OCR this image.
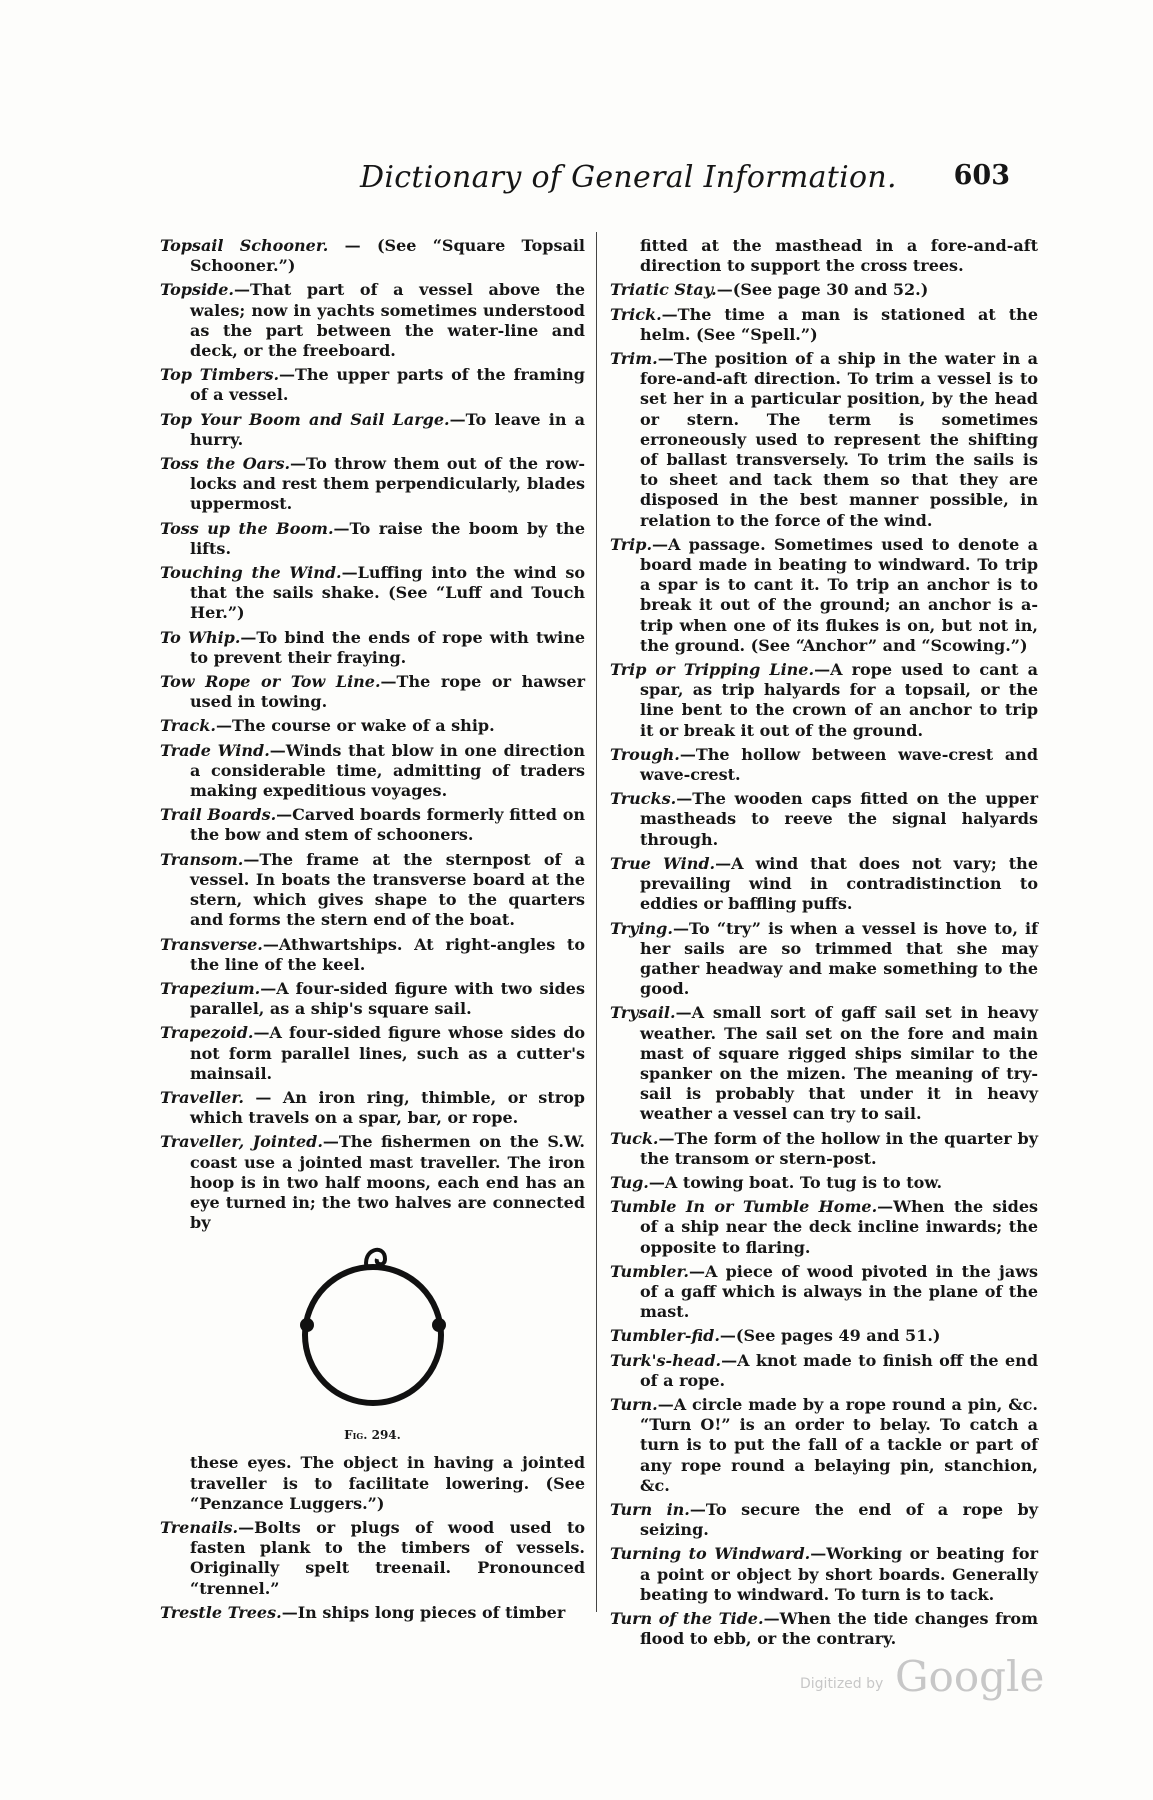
Dictionary of General Information. 603

Topsail Schooner. — (See “Square Topsail Schooner.”)

Topside.—That part of a vessel above the wales; now in yachts sometimes understood as the part between the water-line and deck, or the freeboard.

Top Timbers.—The upper parts of the framing of a vessel.

Top Your Boom and Sail Large.—To leave in a hurry.

Toss the Oars.—To throw them out of the row-locks and rest them perpendicularly, blades uppermost.

Toss up the Boom.—To raise the boom by the lifts.

Touching the Wind.—Luffing into the wind so that the sails shake. (See “Luff and Touch Her.”)

To Whip.—To bind the ends of rope with twine to prevent their fraying.

Tow Rope or Tow Line.—The rope or hawser used in towing.

Track.—The course or wake of a ship.

Trade Wind.—Winds that blow in one direction a considerable time, admitting of traders making expeditious voyages.

Trail Boards.—Carved boards formerly fitted on the bow and stem of schooners.

Transom.—The frame at the sternpost of a vessel. In boats the transverse board at the stern, which gives shape to the quarters and forms the stern end of the boat.

Transverse.—Athwartships. At right-angles to the line of the keel.

Trapezium.—A four-sided figure with two sides parallel, as a ship's square sail.

Trapezoid.—A four-sided figure whose sides do not form parallel lines, such as a cutter's mainsail.

Traveller. — An iron ring, thimble, or strop which travels on a spar, bar, or rope.

Traveller, Jointed.—The fishermen on the S.W. coast use a jointed mast traveller. The iron hoop is in two half moons, each end has an eye turned in; the two halves are connected by

Fig. 294.
these eyes. The object in having a jointed traveller is to facilitate lowering. (See “Penzance Luggers.”)

Trenails.—Bolts or plugs of wood used to fasten plank to the timbers of vessels. Originally spelt treenail. Pronounced “trennel.”

Trestle Trees.—In ships long pieces of timber

fitted at the masthead in a fore-and-aft direction to support the cross trees.

Triatic Stay.—(See page 30 and 52.)

Trick.—The time a man is stationed at the helm. (See “Spell.”)

Trim.—The position of a ship in the water in a fore-and-aft direction. To trim a vessel is to set her in a particular position, by the head or stern. The term is sometimes erroneously used to represent the shifting of ballast transversely. To trim the sails is to sheet and tack them so that they are disposed in the best manner possible, in relation to the force of the wind.

Trip.—A passage. Sometimes used to denote a board made in beating to windward. To trip a spar is to cant it. To trip an anchor is to break it out of the ground; an anchor is a-trip when one of its flukes is on, but not in, the ground. (See “Anchor” and “Scowing.”)

Trip or Tripping Line.—A rope used to cant a spar, as trip halyards for a topsail, or the line bent to the crown of an anchor to trip it or break it out of the ground.

Trough.—The hollow between wave-crest and wave-crest.

Trucks.—The wooden caps fitted on the upper mastheads to reeve the signal halyards through.

True Wind.—A wind that does not vary; the prevailing wind in contradistinction to eddies or baffling puffs.

Trying.—To “try” is when a vessel is hove to, if her sails are so trimmed that she may gather headway and make something to the good.

Trysail.—A small sort of gaff sail set in heavy weather. The sail set on the fore and main mast of square rigged ships similar to the spanker on the mizen. The meaning of try-sail is probably that under it in heavy weather a vessel can try to sail.

Tuck.—The form of the hollow in the quarter by the transom or stern-post.

Tug.—A towing boat. To tug is to tow.

Tumble In or Tumble Home.—When the sides of a ship near the deck incline inwards; the opposite to flaring.

Tumbler.—A piece of wood pivoted in the jaws of a gaff which is always in the plane of the mast.

Tumbler-fid.—(See pages 49 and 51.)

Turk's-head.—A knot made to finish off the end of a rope.

Turn.—A circle made by a rope round a pin, &c. “Turn O!” is an order to belay. To catch a turn is to put the fall of a tackle or part of any rope round a belaying pin, stanchion, &c.

Turn in.—To secure the end of a rope by seizing.

Turning to Windward.—Working or beating for a point or object by short boards. Generally beating to windward. To turn is to tack.

Turn of the Tide.—When the tide changes from flood to ebb, or the contrary.

Digitized by Google
